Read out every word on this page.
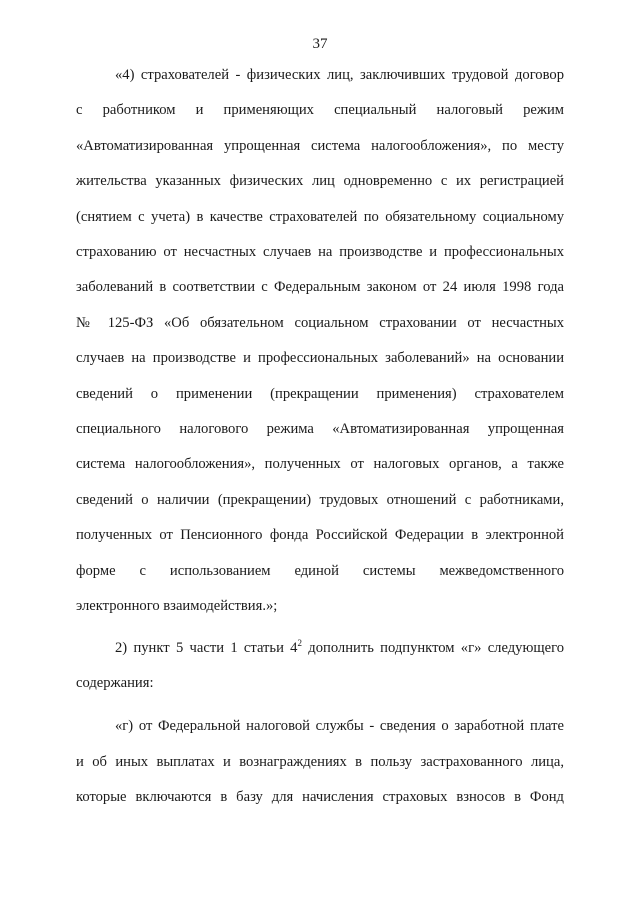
37
«4) страхователей - физических лиц, заключивших трудовой договор
с работником и применяющих специальный налоговый режим
«Автоматизированная упрощенная система налогообложения», по месту
жительства указанных физических лиц одновременно с их регистрацией
(снятием с учета) в качестве страхователей по обязательному социальному
страхованию от несчастных случаев на производстве и профессиональных
заболеваний в соответствии с Федеральным законом от 24 июля 1998 года
№ 125-ФЗ «Об обязательном социальном страховании от несчастных
случаев на производстве и профессиональных заболеваний» на основании
сведений о применении (прекращении применения) страхователем
специального налогового режима «Автоматизированная упрощенная
система налогообложения», полученных от налоговых органов, а также
сведений о наличии (прекращении) трудовых отношений с работниками,
полученных от Пенсионного фонда Российской Федерации в электронной
форме с использованием единой системы межведомственного
электронного взаимодействия.»;
2) пункт 5 части 1 статьи $4^2$ дополнить подпунктом «г» следующего
содержания:
«г) от Федеральной налоговой службы - сведения о заработной плате
и об иных выплатах и вознаграждениях в пользу застрахованного лица,
которые включаются в базу для начисления страховых взносов в Фонд
